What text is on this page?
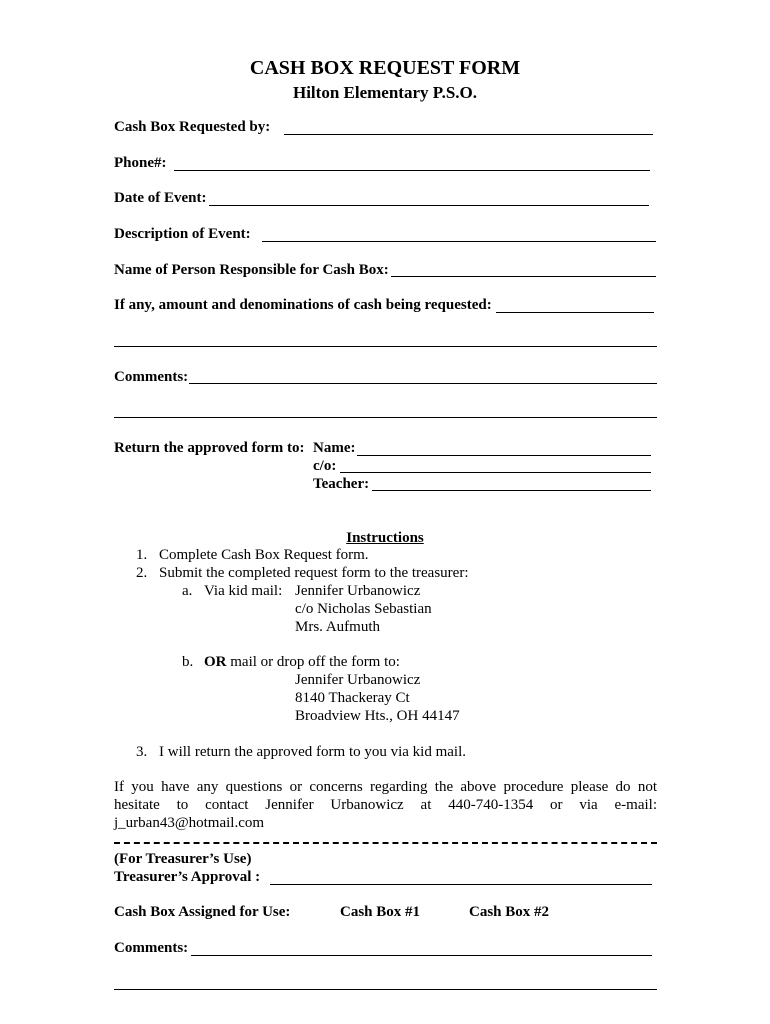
CASH BOX REQUEST FORM
Hilton Elementary P.S.O.
Cash Box Requested by:
Phone#:
Date of Event:
Description of Event:
Name of Person Responsible for Cash Box:
If any, amount and denominations of cash being requested:
Comments:
Return the approved form to: Name:
c/o:
Teacher:
Instructions
1. Complete Cash Box Request form.
2. Submit the completed request form to the treasurer:
a. Via kid mail: Jennifer Urbanowicz
c/o Nicholas Sebastian
Mrs. Aufmuth
b. OR mail or drop off the form to:
Jennifer Urbanowicz
8140 Thackeray Ct
Broadview Hts., OH 44147
3. I will return the approved form to you via kid mail.
If you have any questions or concerns regarding the above procedure please do not
hesitate to contact Jennifer Urbanowicz at 440-740-1354 or via e-mail:
j_urban43@hotmail.com
(For Treasurer’s Use)
Treasurer’s Approval :
Cash Box Assigned for Use:	Cash Box #1	Cash Box #2
Comments:
